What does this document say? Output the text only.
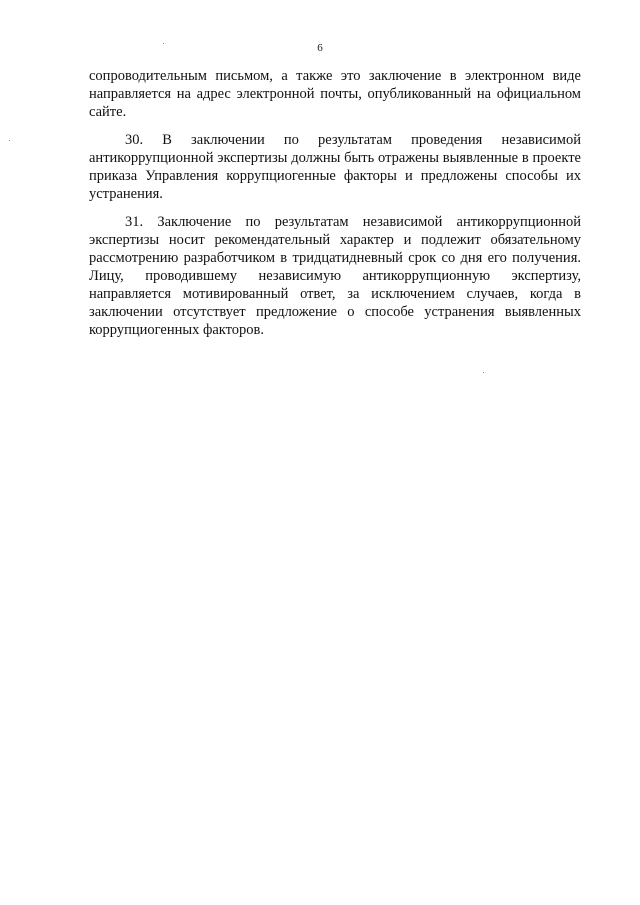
6

сопроводительным письмом, а также это заключение в электронном виде направляется на адрес электронной почты, опубликованный на официальном сайте.

30. В заключении по результатам проведения независимой антикоррупционной экспертизы должны быть отражены выявленные в проекте приказа Управления коррупциогенные факторы и предложены способы их устранения.

31. Заключение по результатам независимой антикоррупционной экспертизы носит рекомендательный характер и подлежит обязательному рассмотрению разработчиком в тридцатидневный срок со дня его получения. Лицу, проводившему независимую антикоррупционную экспертизу, направляется мотивированный ответ, за исключением случаев, когда в заключении отсутствует предложение о способе устранения выявленных коррупциогенных факторов.
